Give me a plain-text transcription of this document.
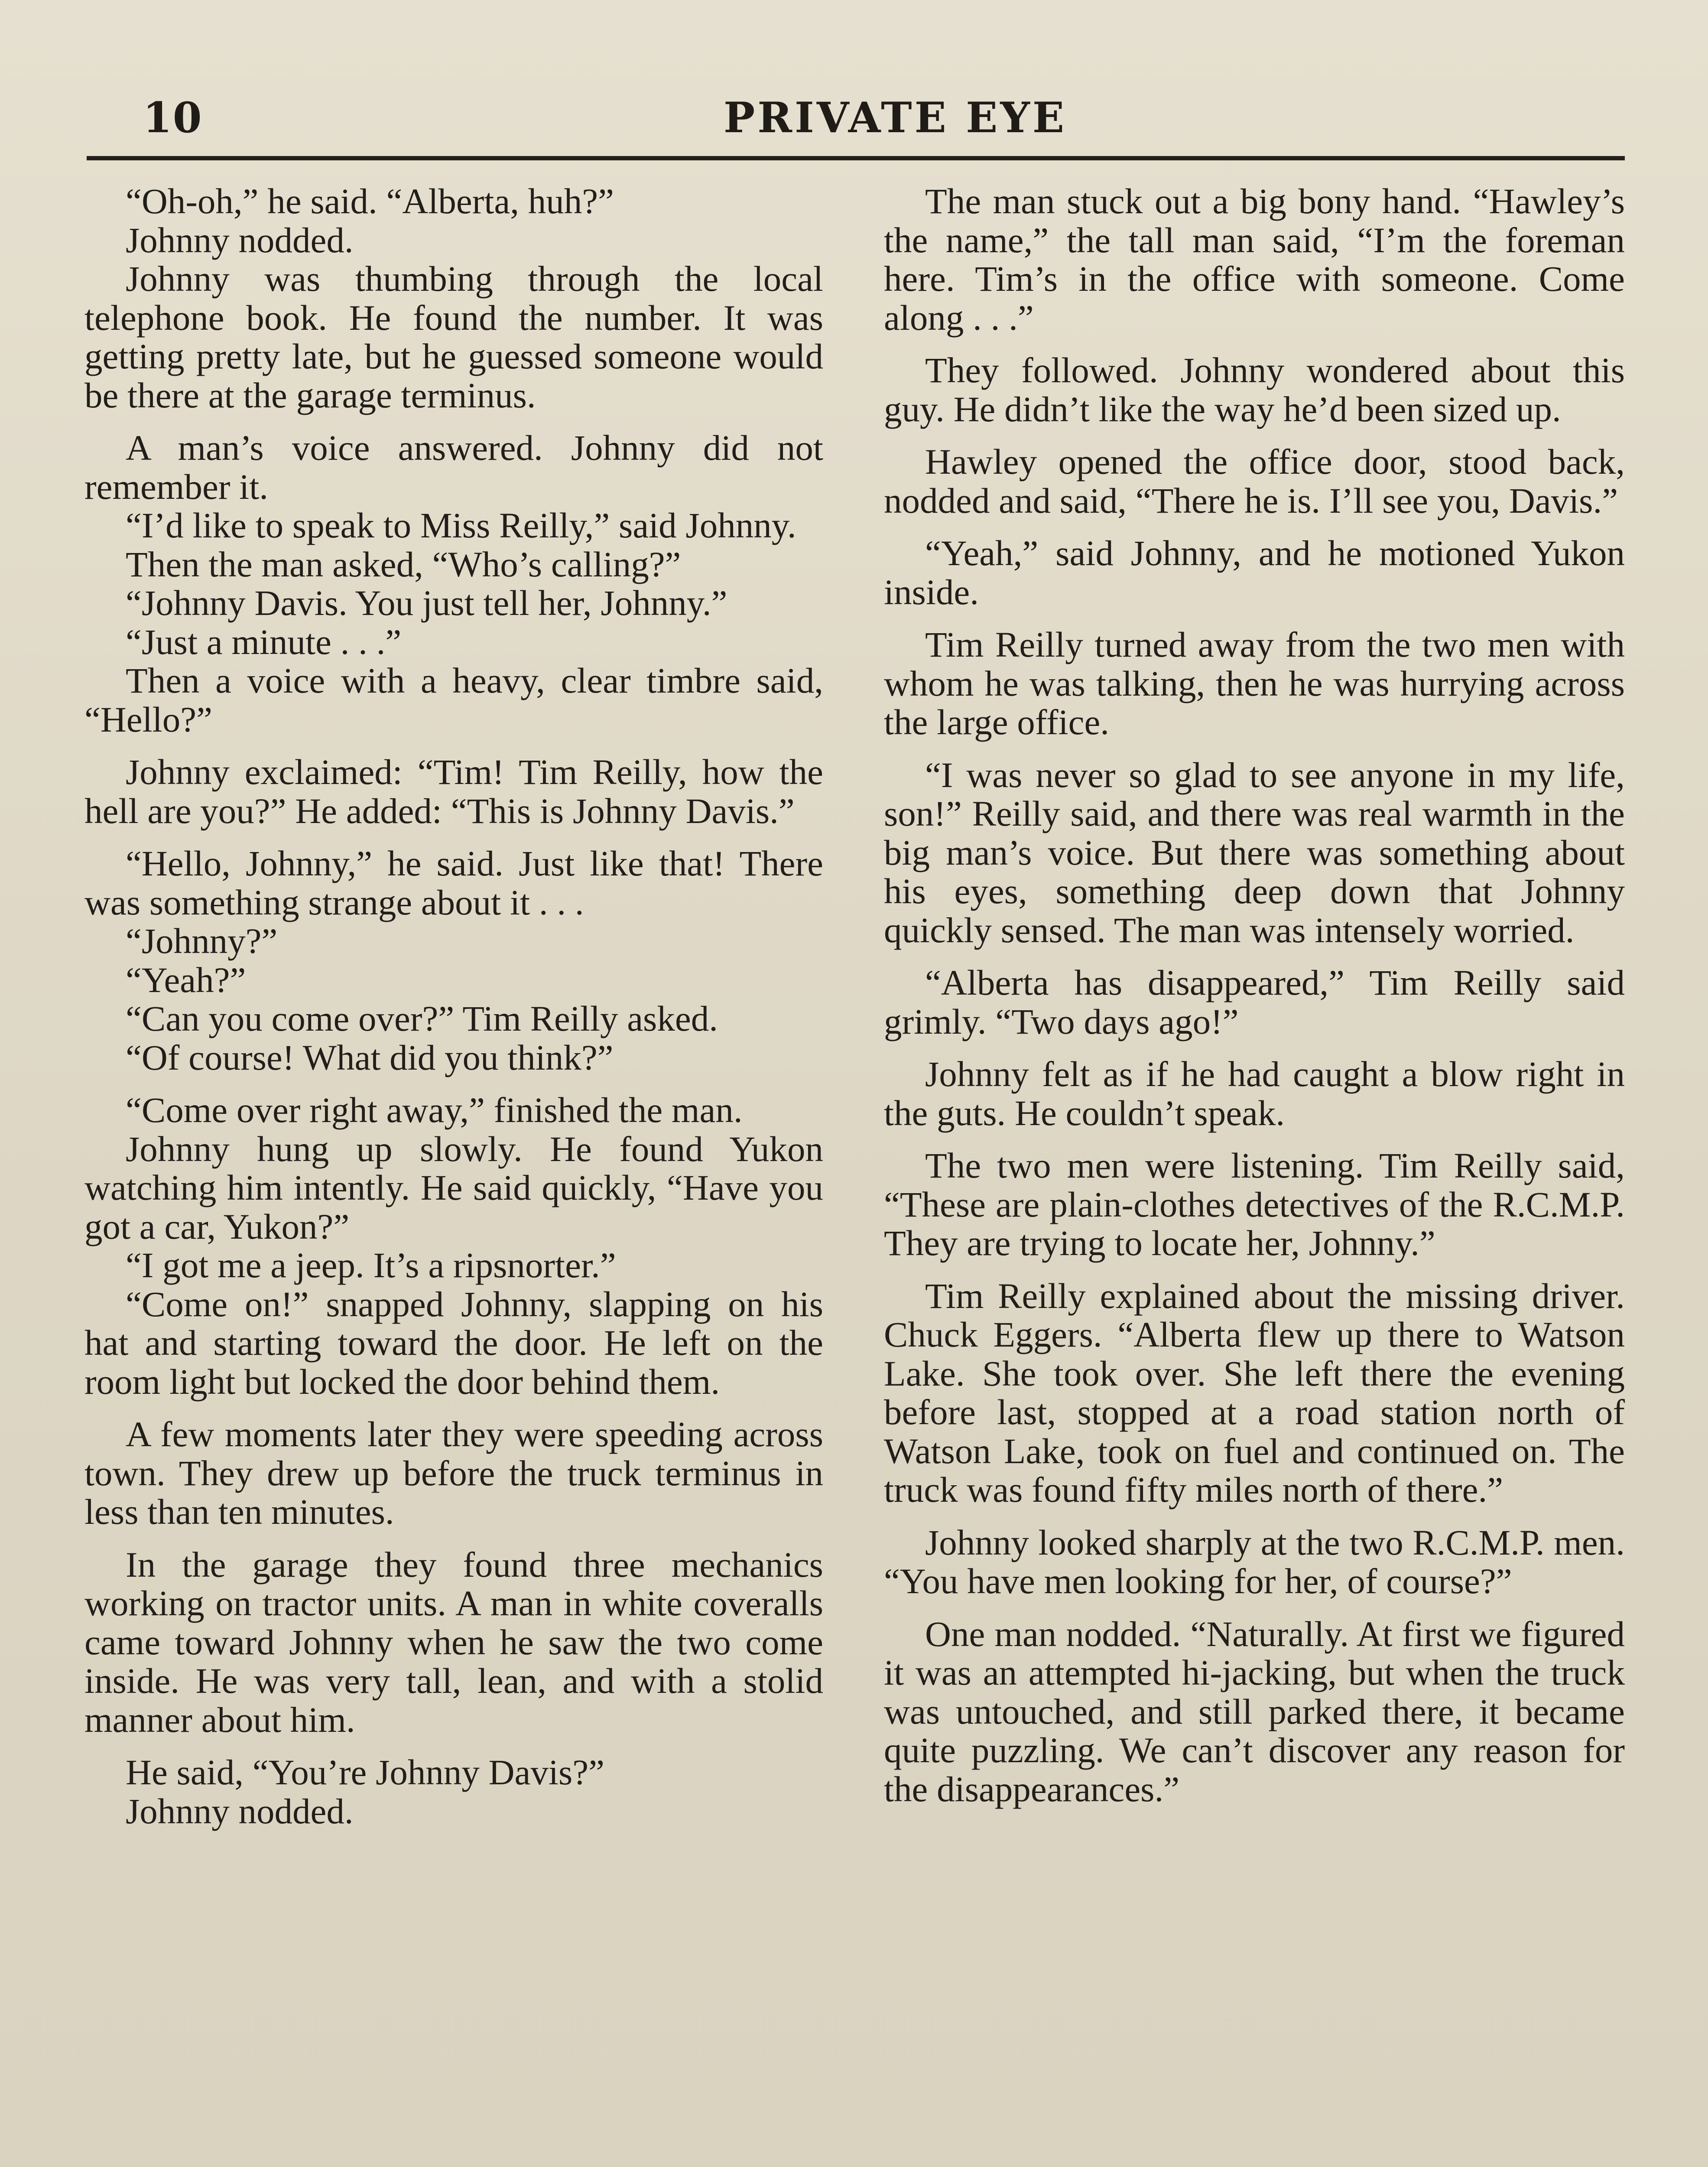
10	PRIVATE EYE

“Oh-oh,” he said. “Alberta, huh?”

Johnny nodded.

Johnny was thumbing through the local telephone book. He found the number. It was getting pretty late, but he guessed someone would be there at the garage terminus.

A man’s voice answered. Johnny did not remember it.

“I’d like to speak to Miss Reilly,” said Johnny.

Then the man asked, “Who’s calling?”

“Johnny Davis. You just tell her, Johnny.”

“Just a minute . . .”

Then a voice with a heavy, clear timbre said, “Hello?”

Johnny exclaimed: “Tim! Tim Reilly, how the hell are you?” He added: “This is Johnny Davis.”

“Hello, Johnny,” he said. Just like that! There was something strange about it . . .

“Johnny?”

“Yeah?”

“Can you come over?” Tim Reilly asked.

“Of course! What did you think?”

“Come over right away,” finished the man.

Johnny hung up slowly. He found Yukon watching him intently. He said quickly, “Have you got a car, Yukon?”

“I got me a jeep. It’s a ripsnorter.”

“Come on!” snapped Johnny, slapping on his hat and starting toward the door. He left on the room light but locked the door behind them.

A few moments later they were speeding across town. They drew up before the truck terminus in less than ten minutes.

In the garage they found three mechanics working on tractor units. A man in white coveralls came toward Johnny when he saw the two come inside. He was very tall, lean, and with a stolid manner about him.

He said, “You’re Johnny Davis?”

Johnny nodded.

The man stuck out a big bony hand. “Hawley’s the name,” the tall man said, “I’m the foreman here. Tim’s in the office with someone. Come along . . .”

They followed. Johnny wondered about this guy. He didn’t like the way he’d been sized up.

Hawley opened the office door, stood back, nodded and said, “There he is. I’ll see you, Davis.”

“Yeah,” said Johnny, and he motioned Yukon inside.

Tim Reilly turned away from the two men with whom he was talking, then he was hurrying across the large office.

“I was never so glad to see anyone in my life, son!” Reilly said, and there was real warmth in the big man’s voice. But there was something about his eyes, something deep down that Johnny quickly sensed. The man was intensely worried.

“Alberta has disappeared,” Tim Reilly said grimly. “Two days ago!”

Johnny felt as if he had caught a blow right in the guts. He couldn’t speak.

The two men were listening. Tim Reilly said, “These are plain-clothes detectives of the R.C.M.P. They are trying to locate her, Johnny.”

Tim Reilly explained about the missing driver. Chuck Eggers. “Alberta flew up there to Watson Lake. She took over. She left there the evening before last, stopped at a road station north of Watson Lake, took on fuel and continued on. The truck was found fifty miles north of there.”

Johnny looked sharply at the two R.C.M.P. men. “You have men looking for her, of course?”

One man nodded. “Naturally. At first we figured it was an attempted hi-jacking, but when the truck was untouched, and still parked there, it became quite puzzling. We can’t discover any reason for the disappearances.”
